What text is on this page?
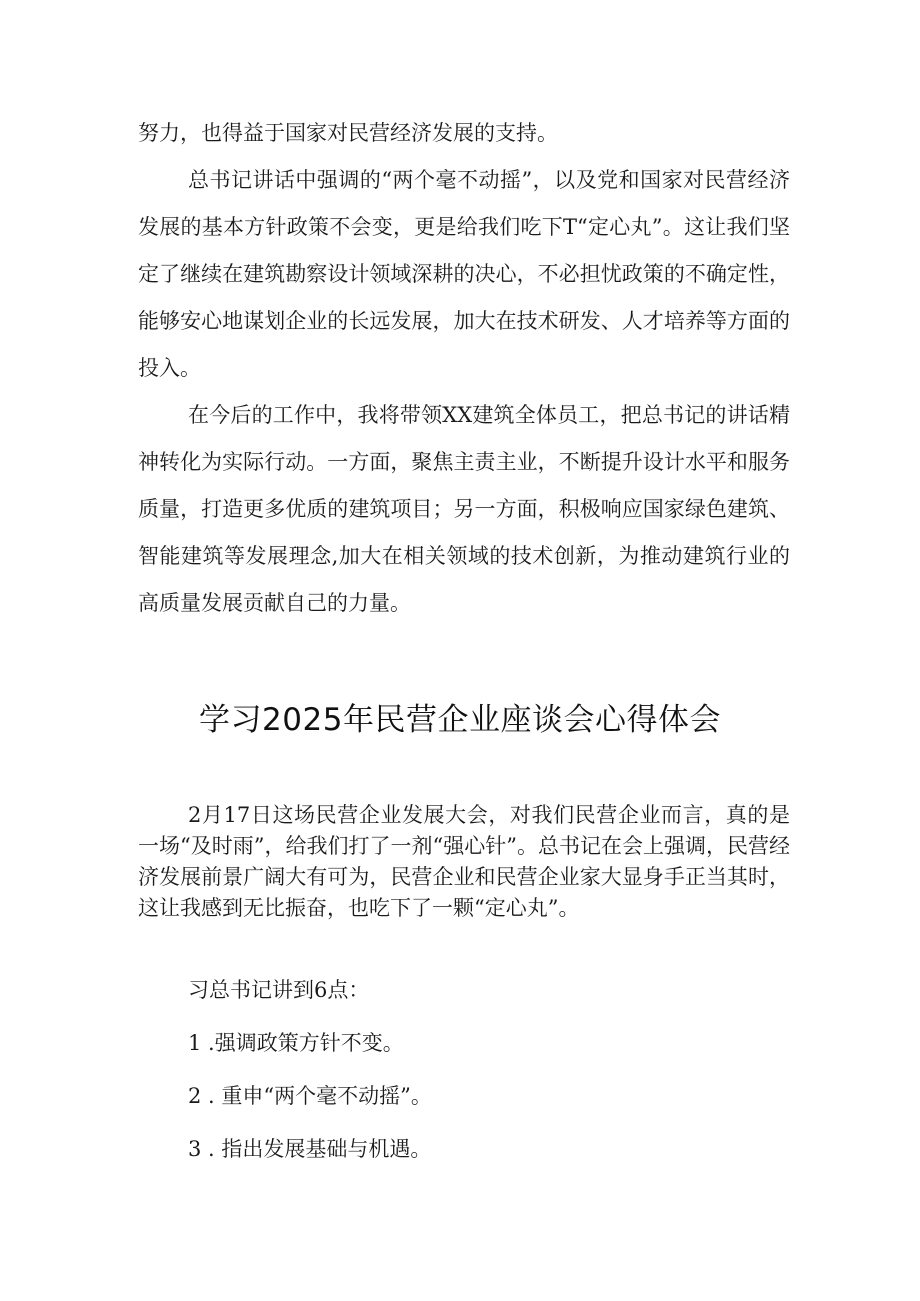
努力，也得益于国家对民营经济发展的支持。

总书记讲话中强调的“两个毫不动摇”，以及党和国家对民营经济发展的基本方针政策不会变，更是给我们吃下T“定心丸”。这让我们坚定了继续在建筑勘察设计领域深耕的决心，不必担忧政策的不确定性，能够安心地谋划企业的长远发展，加大在技术研发、人才培养等方面的投入。

在今后的工作中，我将带领XX建筑全体员工，把总书记的讲话精神转化为实际行动。一方面，聚焦主责主业，不断提升设计水平和服务质量，打造更多优质的建筑项目；另一方面，积极响应国家绿色建筑、智能建筑等发展理念,加大在相关领域的技术创新，为推动建筑行业的高质量发展贡献自己的力量。

学习2025年民营企业座谈会心得体会

2月17日这场民营企业发展大会，对我们民营企业而言，真的是一场“及时雨”，给我们打了一剂“强心针”。总书记在会上强调，民营经济发展前景广阔大有可为，民营企业和民营企业家大显身手正当其时，这让我感到无比振奋，也吃下了一颗“定心丸”。

习总书记讲到6点：

1 .强调政策方针不变。

2 . 重申“两个毫不动摇”。

3 . 指出发展基础与机遇。
